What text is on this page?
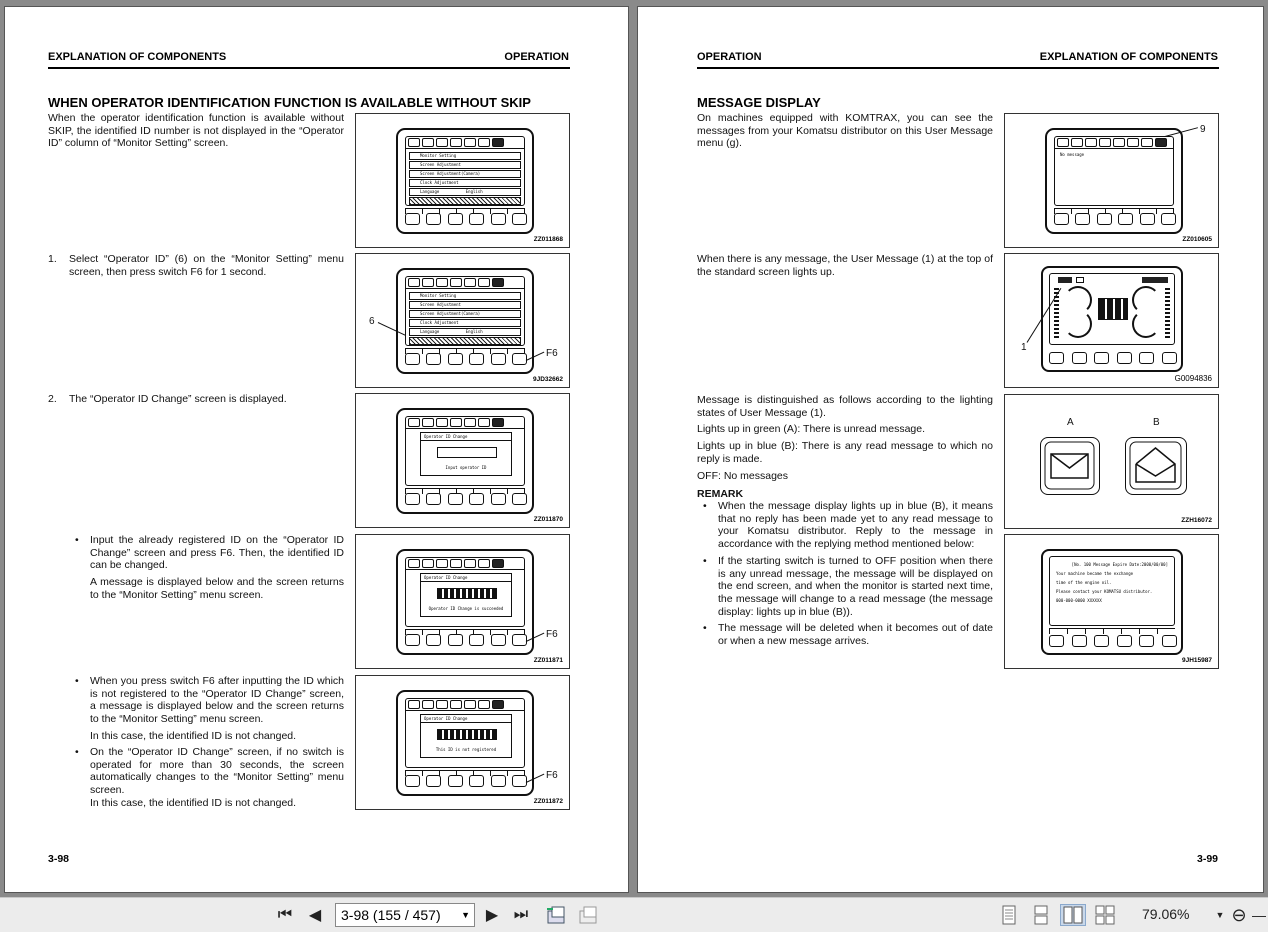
EXPLANATION OF COMPONENTS	OPERATION
WHEN OPERATOR IDENTIFICATION FUNCTION IS AVAILABLE WITHOUT SKIP
When the operator identification function is available without SKIP, the identified ID number is not displayed in the “Operator ID” column of “Monitor Setting” screen.
1. Select “Operator ID” (6) on the “Monitor Setting” menu screen, then press switch F6 for 1 second.
2. The “Operator ID Change” screen is displayed.
• Input the already registered ID on the “Operator ID Change” screen and press F6. Then, the identified ID can be changed.

A message is displayed below and the screen returns to the “Monitor Setting” menu screen.

• When you press switch F6 after inputting the ID which is not registered to the “Operator ID Change” screen, a message is displayed below and the screen returns to the “Monitor Setting” menu screen.

In this case, the identified ID is not changed.

• On the “Operator ID Change” screen, if no switch is operated for more than 30 seconds, the screen automatically changes to the “Monitor Setting” menu screen.

In this case, the identified ID is not changed.

Monitor Setting
Screen Adjustment
Screen Adjustment(Camera)
Clock Adjustment
Language	English
ZZ011868
Monitor Setting
Screen Adjustment
Screen Adjustment(Camera)
Clock Adjustment
Language	English
6
F6
9JD32662
Operator ID Change
Input operator ID
ZZ011870
Operator ID Change
Operator ID Change is succeeded
F6
ZZ011871
Operator ID Change
This ID is not registered
F6
ZZ011872
3-98
OPERATION	EXPLANATION OF COMPONENTS
MESSAGE DISPLAY
On machines equipped with KOMTRAX, you can see the messages from your Komatsu distributor on this User Message menu (g).
When there is any message, the User Message (1) at the top of the standard screen lights up.

Message is distinguished as follows according to the lighting states of User Message (1).

Lights up in green (A): There is unread message.

Lights up in blue (B): There is any read message to which no reply is made.

OFF: No messages

REMARK

• When the message display lights up in blue (B), it means that no reply has been made yet to any read message to your Komatsu distributor. Reply to the message in accordance with the replying method mentioned below:
• If the starting switch is turned to OFF position when there is any unread message, the message will be displayed on the end screen, and when the monitor is started next time, the message will change to a read message (the message display: lights up in blue (B)).
• The message will be deleted when it becomes out of date or when a new message arrives.
No message
9
ZZ010605
1
G0094836
A	B
ZZH16072
[No. 100 Message Expire Date:2000/00/00]
Your machine became the exchange
time of the engine oil.
Please contact your KOMATSU distributor.
000-000-0000 XXXXXX
9JH15987
3-99
⏮ ◀	3-98 (155 / 457) ▼ ▶ ⏭	79.06%	▼ ⊖ —
